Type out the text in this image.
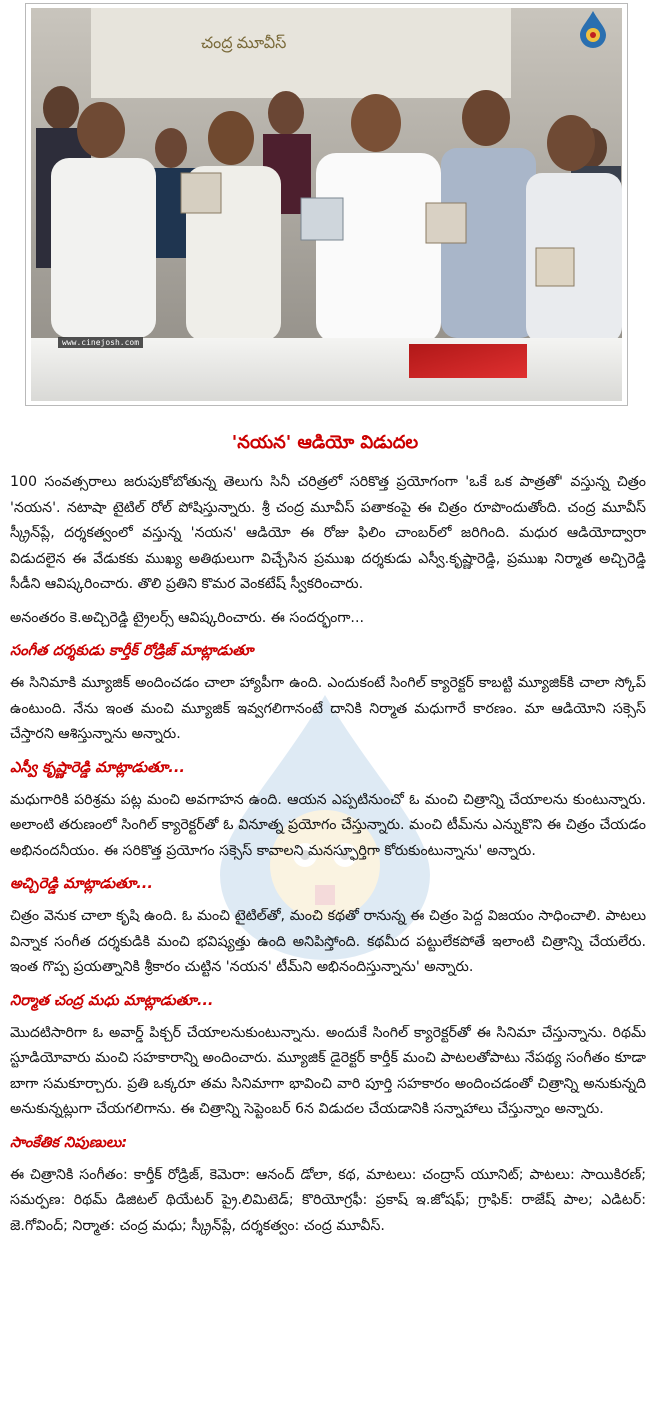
చంద్ర మూవీస్
www.cinejosh.com
'నయన' ఆడియో విడుదల

100 సంవత్సరాలు జరుపుకోబోతున్న తెలుగు సినీ చరిత్రలో సరికొత్త ప్రయోగంగా 'ఒకే ఒక పాత్రతో' వస్తున్న చిత్రం 'నయన'. నటాషా టైటిల్ రోల్ పోషిస్తున్నారు. శ్రీ చంద్ర మూవీస్ పతాకంపై ఈ చిత్రం రూపొందుతోంది. చంద్ర మూవీస్ స్క్రీన్‌ప్లే, దర్శకత్వంలో వస్తున్న 'నయన' ఆడియో ఈ రోజు ఫిలిం చాంబర్‌లో జరిగింది. మధుర ఆడియోద్వారా విడుదలైన ఈ వేడుకకు ముఖ్య అతిథులుగా విచ్చేసిన ప్రముఖ దర్శకుడు ఎస్వీ.కృష్ణారెడ్డి, ప్రముఖ నిర్మాత అచ్చిరెడ్డి సీడీని ఆవిష్కరించారు. తొలి ప్రతిని కొమర వెంకటేష్ స్వీకరించారు.

అనంతరం కె.అచ్చిరెడ్డి ట్రైలర్స్ ఆవిష్కరించారు. ఈ సందర్భంగా...

సంగీత దర్శకుడు కార్తీక్ రోడ్రిజ్ మాట్లాడుతూ

ఈ సినిమాకి మ్యూజిక్ అందించడం చాలా హ్యాపీగా ఉంది. ఎందుకంటే సింగిల్ క్యారెక్టర్ కాబట్టి మ్యూజిక్‌కి చాలా స్కోప్ ఉంటుంది. నేను ఇంత మంచి మ్యూజిక్ ఇవ్వగలిగానంటే దానికి నిర్మాత మధుగారే కారణం. మా ఆడియోని సక్సెస్ చేస్తారని ఆశిస్తున్నాను అన్నారు.

ఎస్వీ కృష్ణారెడ్డి మాట్లాడుతూ...

మధుగారికి పరిశ్రమ పట్ల మంచి అవగాహన ఉంది. ఆయన ఎప్పటినుంచో ఓ మంచి చిత్రాన్ని చేయాలను కుంటున్నారు. అలాంటి తరుణంలో సింగిల్ క్యారెక్టర్‌తో ఓ వినూత్న ప్రయోగం చేస్తున్నారు. మంచి టీమ్‌ను ఎన్నుకొని ఈ చిత్రం చేయడం అభినందనీయం. ఈ సరికొత్త ప్రయోగం సక్సెస్ కావాలని మనస్ఫూర్తిగా కోరుకుంటున్నాను' అన్నారు.

అచ్చిరెడ్డి మాట్లాడుతూ...

చిత్రం వెనుక చాలా కృషి ఉంది. ఓ మంచి టైటిల్‌తో, మంచి కథతో రానున్న ఈ చిత్రం పెద్ద విజయం సాధించాలి. పాటలు విన్నాక సంగీత దర్శకుడికి మంచి భవిష్యత్తు ఉంది అనిపిస్తోంది. కథమీద పట్టులేకపోతే ఇలాంటి చిత్రాన్ని చేయలేరు. ఇంత గొప్ప ప్రయత్నానికి శ్రీకారం చుట్టిన 'నయన' టీమ్‌ని అభినందిస్తున్నాను' అన్నారు.

నిర్మాత చంద్ర మధు మాట్లాడుతూ...

మొదటిసారిగా ఓ అవార్డ్ పిక్చర్ చేయాలనుకుంటున్నాను. అందుకే సింగిల్ క్యారెక్టర్‌తో ఈ సినిమా చేస్తున్నాను. రిథమ్ స్టూడియోవారు మంచి సహకారాన్ని అందించారు. మ్యూజిక్ డైరెక్టర్ కార్తీక్ మంచి పాటలతోపాటు నేపథ్య సంగీతం కూడా బాగా సమకూర్చారు. ప్రతి ఒక్కరూ తమ సినిమాగా భావించి వారి పూర్తి సహకారం అందించడంతో చిత్రాన్ని అనుకున్నది అనుకున్నట్లుగా చేయగలిగాను. ఈ చిత్రాన్ని సెప్టెంబర్ 6న విడుదల చేయడానికి సన్నాహాలు చేస్తున్నాం అన్నారు.

సాంకేతిక నిపుణులు:

ఈ చిత్రానికి సంగీతం: కార్తీక్ రోడ్రిజ్, కెమెరా: ఆనంద్ డోలా, కథ, మాటలు: చంద్రాస్ యూనిట్; పాటలు: సాయికిరణ్; సమర్పణ: రిథమ్ డిజిటల్ థియేటర్ ప్రై.లిమిటెడ్; కొరియోగ్రఫీ: ప్రకాష్ ఇ.జోషఫ్; గ్రాఫిక్: రాజేష్ పాల; ఎడిటర్: జె.గోవింద్; నిర్మాత: చంద్ర మధు; స్క్రీన్‌ప్లే, దర్శకత్వం: చంద్ర మూవీస్.
